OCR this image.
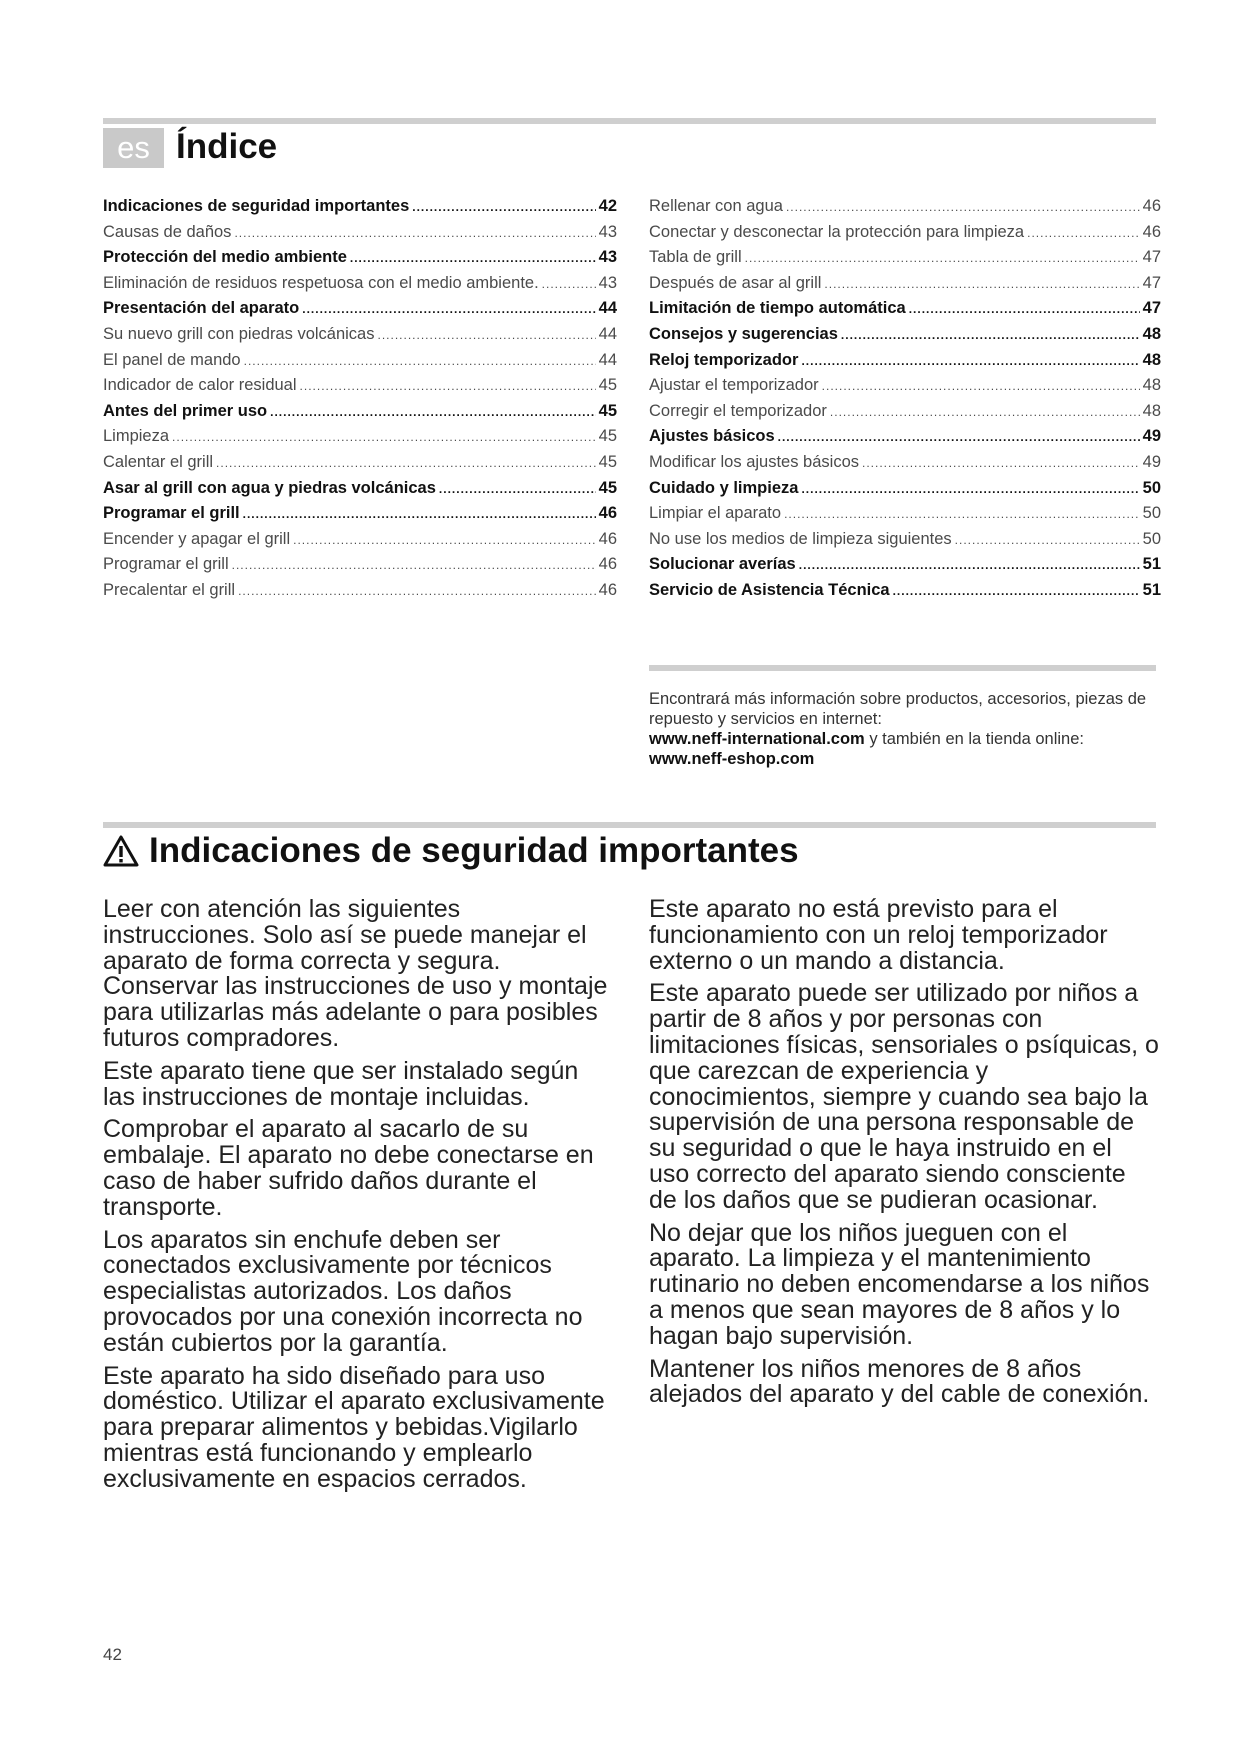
es Índice
Indicaciones de seguridad importantes .....	42
Causas de daños .....	43
Protección del medio ambiente .....	43
Eliminación de residuos respetuosa con el medio ambiente. .....	43
Presentación del aparato .....	44
Su nuevo grill con piedras volcánicas .....	44
El panel de mando .....	44
Indicador de calor residual .....	45
Antes del primer uso .....	45
Limpieza .....	45
Calentar el grill .....	45
Asar al grill con agua y piedras volcánicas .....	45
Programar el grill .....	46
Encender y apagar el grill .....	46
Programar el grill .....	46
Precalentar el grill .....	46
Rellenar con agua .....	46
Conectar y desconectar la protección para limpieza .....	46
Tabla de grill .....	47
Después de asar al grill .....	47
Limitación de tiempo automática .....	47
Consejos y sugerencias .....	48
Reloj temporizador .....	48
Ajustar el temporizador .....	48
Corregir el temporizador .....	48
Ajustes básicos .....	49
Modificar los ajustes básicos .....	49
Cuidado y limpieza .....	50
Limpiar el aparato .....	50
No use los medios de limpieza siguientes .....	50
Solucionar averías .....	51
Servicio de Asistencia Técnica .....	51

Encontrará más información sobre productos, accesorios, piezas de repuesto y servicios en internet:
www.neff-international.com y también en la tienda online:
www.neff-eshop.com

Indicaciones de seguridad importantes

Leer con atención las siguientes instrucciones. Solo así se puede manejar el aparato de forma correcta y segura. Conservar las instrucciones de uso y montaje para utilizarlas más adelante o para posibles futuros compradores.

Este aparato tiene que ser instalado según las instrucciones de montaje incluidas.

Comprobar el aparato al sacarlo de su embalaje. El aparato no debe conectarse en caso de haber sufrido daños durante el transporte.

Los aparatos sin enchufe deben ser conectados exclusivamente por técnicos especialistas autorizados. Los daños provocados por una conexión incorrecta no están cubiertos por la garantía.

Este aparato ha sido diseñado para uso doméstico. Utilizar el aparato exclusivamente para preparar alimentos y bebidas.Vigilarlo mientras está funcionando y emplearlo exclusivamente en espacios cerrados.

Este aparato no está previsto para el funcionamiento con un reloj temporizador externo o un mando a distancia.

Este aparato puede ser utilizado por niños a partir de 8 años y por personas con limitaciones físicas, sensoriales o psíquicas, o que carezcan de experiencia y conocimientos, siempre y cuando sea bajo la supervisión de una persona responsable de su seguridad o que le haya instruido en el uso correcto del aparato siendo consciente de los daños que se pudieran ocasionar.

No dejar que los niños jueguen con el aparato. La limpieza y el mantenimiento rutinario no deben encomendarse a los niños a menos que sean mayores de 8 años y lo hagan bajo supervisión.

Mantener los niños menores de 8 años alejados del aparato y del cable de conexión.

42
